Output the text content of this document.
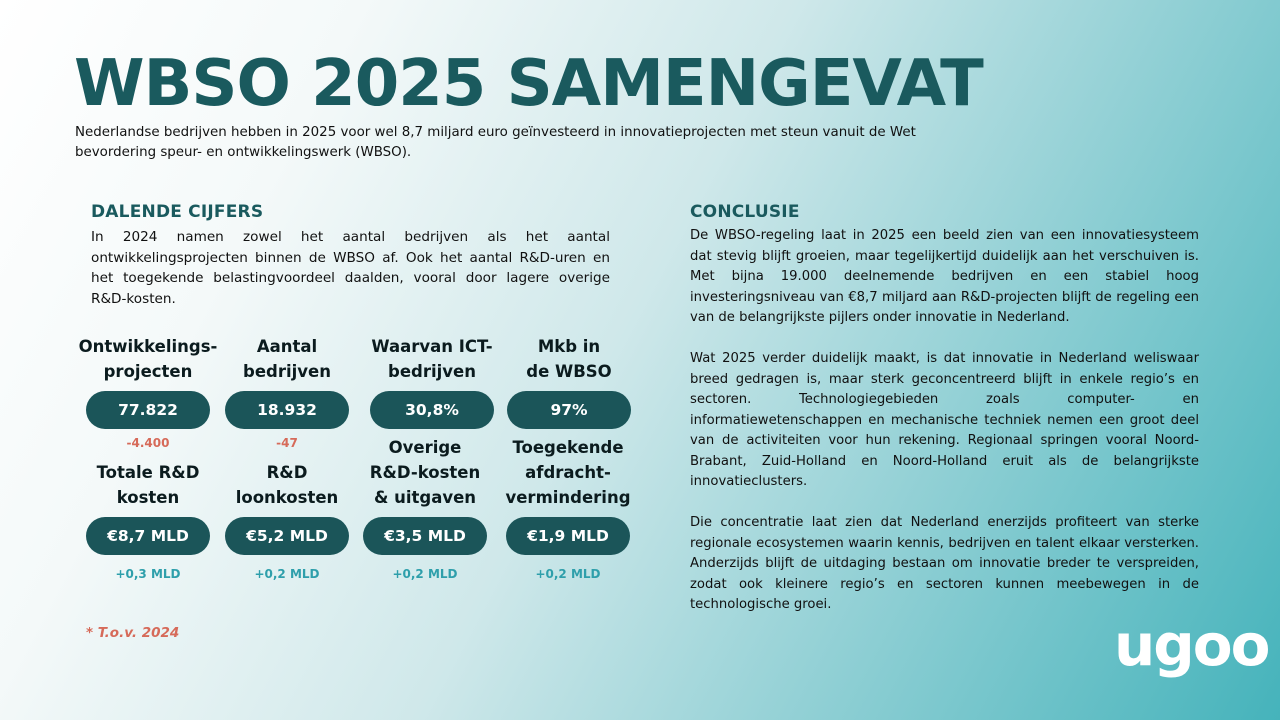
WBSO 2025 SAMENGEVAT
Nederlandse bedrijven hebben in 2025 voor wel 8,7 miljard euro geïnvesteerd in innovatieprojecten met steun vanuit de Wet bevordering speur- en ontwikkelingswerk (WBSO).
DALENDE CIJFERS
In 2024 namen zowel het aantal bedrijven als het aantal ontwikkelingsprojecten binnen de WBSO af. Ook het aantal R&D-uren en het toegekende belastingvoordeel daalden, vooral door lagere overige R&D-kosten.
Ontwikkelings-
projecten
77.822
-4.400
Aantal
bedrijven
18.932
-47
Waarvan ICT-
bedrijven
30,8%
Mkb in
de WBSO
97%
Totale R&D
kosten
€8,7 MLD
+0,3 MLD
R&D
loonkosten
€5,2 MLD
+0,2 MLD
Overige
R&D-kosten
& uitgaven
€3,5 MLD
+0,2 MLD
Toegekende
afdracht-
vermindering
€1,9 MLD
+0,2 MLD

* T.o.v. 2024

CONCLUSIE

De WBSO-regeling laat in 2025 een beeld zien van een innovatiesysteem dat stevig blijft groeien, maar tegelijkertijd duidelijk aan het verschuiven is. Met bijna 19.000 deelnemende bedrijven en een stabiel hoog investeringsniveau van €8,7 miljard aan R&D-projecten blijft de regeling een van de belangrijkste pijlers onder innovatie in Nederland.

Wat 2025 verder duidelijk maakt, is dat innovatie in Nederland weliswaar breed gedragen is, maar sterk geconcentreerd blijft in enkele regio’s en sectoren. Technologiegebieden zoals computer- en informatiewetenschappen en mechanische techniek nemen een groot deel van de activiteiten voor hun rekening. Regionaal springen vooral Noord-Brabant, Zuid-Holland en Noord-Holland eruit als de belangrijkste innovatieclusters.

Die concentratie laat zien dat Nederland enerzijds profiteert van sterke regionale ecosystemen waarin kennis, bedrijven en talent elkaar versterken. Anderzijds blijft de uitdaging bestaan om innovatie breder te verspreiden, zodat ook kleinere regio’s en sectoren kunnen meebewegen in de technologische groei.

ugoo
